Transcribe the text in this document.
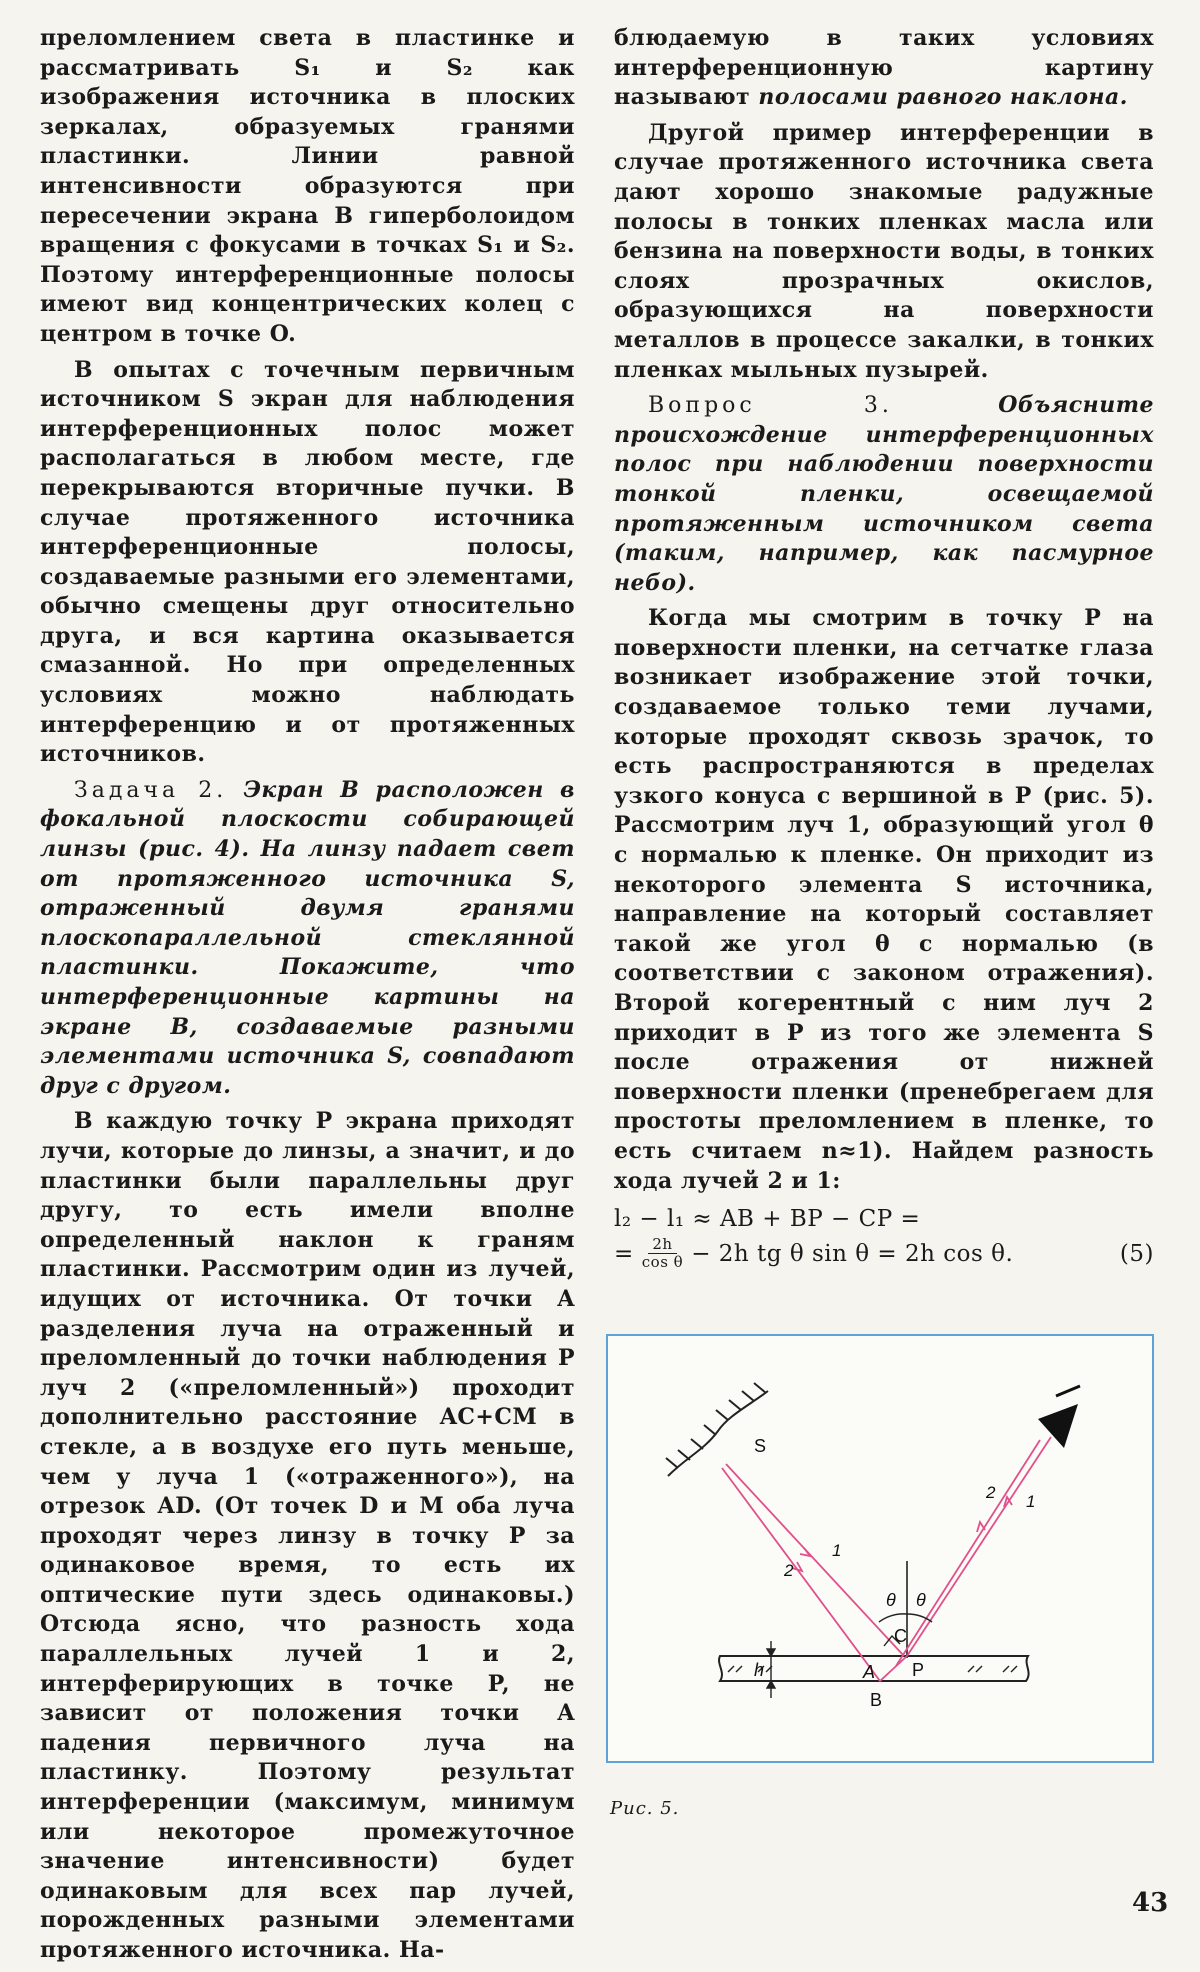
преломлением света в пластинке и рассматривать S₁ и S₂ как изображения источника в плоских зеркалах, образуемых гранями пластинки. Линии равной интенсивности образуются при пересечении экрана B гиперболоидом вращения с фокусами в точках S₁ и S₂. Поэтому интерференционные полосы имеют вид концентрических колец с центром в точке O.

В опытах с точечным первичным источником S экран для наблюдения интерференционных полос может располагаться в любом месте, где перекрываются вторичные пучки. В случае протяженного источника интерференционные полосы, создаваемые разными его элементами, обычно смещены друг относительно друга, и вся картина оказывается смазанной. Но при определенных условиях можно наблюдать интерференцию и от протяженных источников.

Задача 2. Экран B расположен в фокальной плоскости собирающей линзы (рис. 4). На линзу падает свет от протяженного источника S, отраженный двумя гранями плоскопараллельной стеклянной пластинки. Покажите, что интерференционные картины на экране B, создаваемые разными элементами источника S, совпадают друг с другом.

В каждую точку P экрана приходят лучи, которые до линзы, а значит, и до пластинки были параллельны друг другу, то есть имели вполне определенный наклон к граням пластинки. Рассмотрим один из лучей, идущих от источника. От точки A разделения луча на отраженный и преломленный до точки наблюдения P луч 2 («преломленный») проходит дополнительно расстояние AC+CM в стекле, а в воздухе его путь меньше, чем у луча 1 («отраженного»), на отрезок AD. (От точек D и M оба луча проходят через линзу в точку P за одинаковое время, то есть их оптические пути здесь одинаковы.) Отсюда ясно, что разность хода параллельных лучей 1 и 2, интерферирующих в точке P, не зависит от положения точки A падения первичного луча на пластинку. Поэтому результат интерференции (максимум, минимум или некоторое промежуточное значение интенсивности) будет одинаковым для всех пар лучей, порожденных разными элементами протяженного источника. На-

блюдаемую в таких условиях интерференционную картину называют полосами равного наклона.

Другой пример интерференции в случае протяженного источника света дают хорошо знакомые радужные полосы в тонких пленках масла или бензина на поверхности воды, в тонких слоях прозрачных окислов, образующихся на поверхности металлов в процессе закалки, в тонких пленках мыльных пузырей.

Вопрос 3.	Объясните происхождение интерференционных полос при наблюдении поверхности тонкой пленки, освещаемой протяженным источником света (таким, например, как пасмурное небо).

Когда мы смотрим в точку P на поверхности пленки, на сетчатке глаза возникает изображение этой точки, создаваемое только теми лучами, которые проходят сквозь зрачок, то есть распространяются в пределах узкого конуса с вершиной в P (рис. 5). Рассмотрим луч 1, образующий угол θ с нормалью к пленке. Он приходит из некоторого элемента S источника, направление на который составляет такой же угол θ с нормалью (в соответствии с законом отражения). Второй когерентный с ним луч 2 приходит в P из того же элемента S после отражения от нижней поверхности пленки (пренебрегаем для простоты преломлением в пленке, то есть считаем n≈1). Найдем разность хода лучей 2 и 1:

l₂ − l₁ ≈ AB + BP − CP =
= $\frac{2h}{\text{cos θ}} - 2h$ tg θ sin θ = 2h cos θ.	(5)
S
1
2
1
2
θ θ
C
h	A P
B
Рис. 5.
43
